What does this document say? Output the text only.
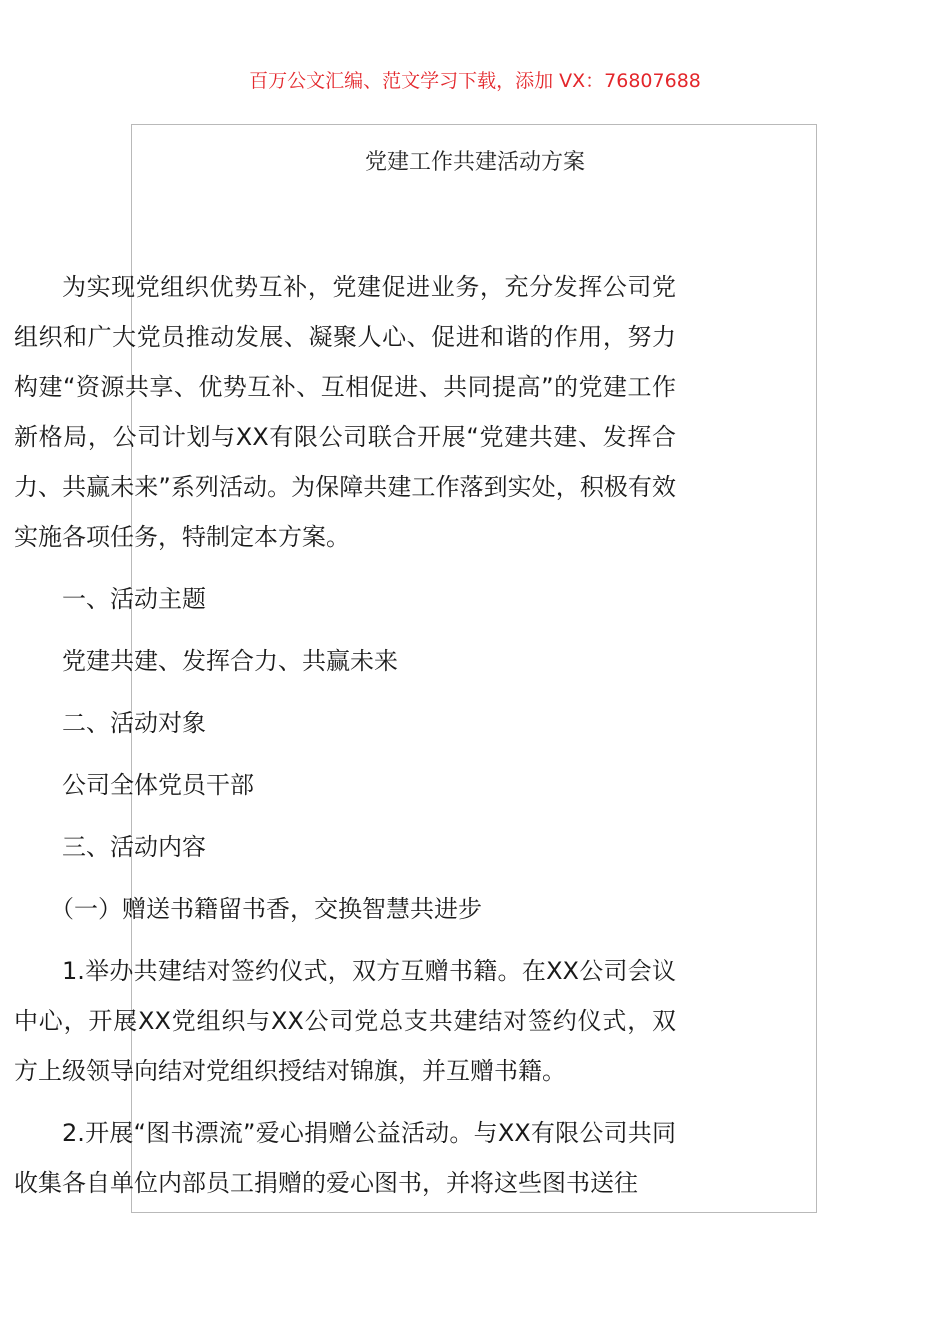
百万公文汇编、范文学习下载，添加 VX：76807688
党建工作共建活动方案

为实现党组织优势互补，党建促进业务，充分发挥公司党组织和广大党员推动发展、凝聚人心、促进和谐的作用，努力构建“资源共享、优势互补、互相促进、共同提高”的党建工作新格局，公司计划与XX有限公司联合开展“党建共建、发挥合力、共赢未来”系列活动。为保障共建工作落到实处，积极有效实施各项任务，特制定本方案。

一、活动主题

党建共建、发挥合力、共赢未来

二、活动对象

公司全体党员干部

三、活动内容

（一）赠送书籍留书香，交换智慧共进步

1.举办共建结对签约仪式，双方互赠书籍。在XX公司会议中心，开展XX党组织与XX公司党总支共建结对签约仪式，双方上级领导向结对党组织授结对锦旗，并互赠书籍。

2.开展“图书漂流”爱心捐赠公益活动。与XX有限公司共同收集各自单位内部员工捐赠的爱心图书，并将这些图书送往
